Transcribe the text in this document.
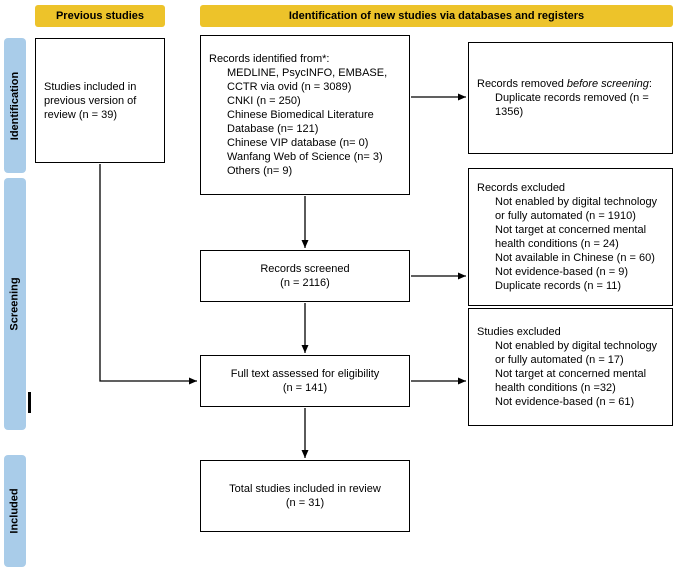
Previous studies	Identification of new studies via databases and registers
Identification
Screening
Included
Studies included in previous version of review (n = 39)
Records identified from*:
MEDLINE, PsycINFO, EMBASE, CCTR via ovid (n = 3089)
CNKI (n = 250)
Chinese Biomedical Literature Database (n= 121)
Chinese VIP database (n= 0)
Wanfang Web of Science (n= 3)
Others (n= 9)
Records removed before screening:
Duplicate records removed (n = 1356)
Records screened
(n = 2116)
Records excluded
Not enabled by digital technology or fully automated (n = 1910)
Not target at concerned mental health conditions (n = 24)
Not available in Chinese (n = 60)
Not evidence-based (n = 9)
Duplicate records (n = 11)
Full text assessed for eligibility
(n = 141)
Studies excluded
Not enabled by digital technology or fully automated (n = 17)
Not target at concerned mental health conditions (n =32)
Not evidence-based (n = 61)
Total studies included in review
(n = 31)
